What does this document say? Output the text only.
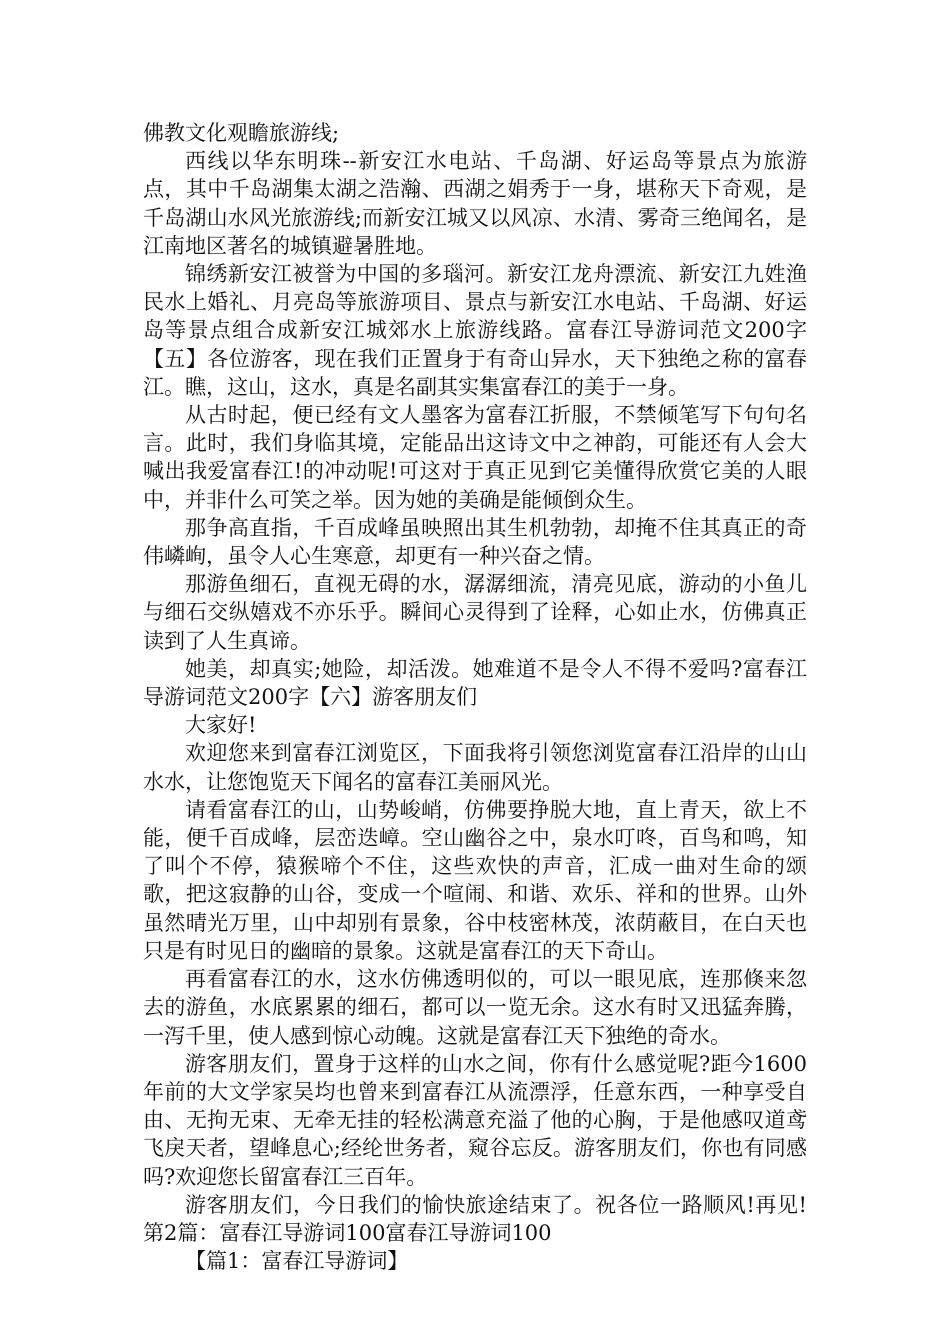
佛教文化观瞻旅游线;

西线以华东明珠--新安江水电站、千岛湖、好运岛等景点为旅游点，其中千岛湖集太湖之浩瀚、西湖之娟秀于一身，堪称天下奇观，是千岛湖山水风光旅游线;而新安江城又以风凉、水清、雾奇三绝闻名，是江南地区著名的城镇避暑胜地。

锦绣新安江被誉为中国的多瑙河。新安江龙舟漂流、新安江九姓渔民水上婚礼、月亮岛等旅游项目、景点与新安江水电站、千岛湖、好运岛等景点组合成新安江城郊水上旅游线路。富春江导游词范文200字【五】各位游客，现在我们正置身于有奇山异水，天下独绝之称的富春江。瞧，这山，这水，真是名副其实集富春江的美于一身。

从古时起，便已经有文人墨客为富春江折服，不禁倾笔写下句句名言。此时，我们身临其境，定能品出这诗文中之神韵，可能还有人会大喊出我爱富春江!的冲动呢!可这对于真正见到它美懂得欣赏它美的人眼中，并非什么可笑之举。因为她的美确是能倾倒众生。

那争高直指，千百成峰虽映照出其生机勃勃，却掩不住其真正的奇伟嶙峋，虽令人心生寒意，却更有一种兴奋之情。

那游鱼细石，直视无碍的水，潺潺细流，清亮见底，游动的小鱼儿与细石交纵嬉戏不亦乐乎。瞬间心灵得到了诠释，心如止水，仿佛真正读到了人生真谛。

她美，却真实;她险，却活泼。她难道不是令人不得不爱吗?富春江导游词范文200字【六】游客朋友们

大家好!

欢迎您来到富春江浏览区，下面我将引领您浏览富春江沿岸的山山水水，让您饱览天下闻名的富春江美丽风光。

请看富春江的山，山势峻峭，仿佛要挣脱大地，直上青天，欲上不能，便千百成峰，层峦迭嶂。空山幽谷之中，泉水叮咚，百鸟和鸣，知了叫个不停，猿猴啼个不住，这些欢快的声音，汇成一曲对生命的颂歌，把这寂静的山谷，变成一个喧闹、和谐、欢乐、祥和的世界。山外虽然晴光万里，山中却别有景象，谷中枝密林茂，浓荫蔽目，在白天也只是有时见日的幽暗的景象。这就是富春江的天下奇山。

再看富春江的水，这水仿佛透明似的，可以一眼见底，连那倏来忽去的游鱼，水底累累的细石，都可以一览无余。这水有时又迅猛奔腾，一泻千里，使人感到惊心动魄。这就是富春江天下独绝的奇水。

游客朋友们，置身于这样的山水之间，你有什么感觉呢?距今1600年前的大文学家吴均也曾来到富春江从流漂浮，任意东西，一种享受自由、无拘无束、无牵无挂的轻松满意充溢了他的心胸，于是他感叹道鸢飞戾天者，望峰息心;经纶世务者，窥谷忘反。游客朋友们，你也有同感吗?欢迎您长留富春江三百年。

游客朋友们，今日我们的愉快旅途结束了。祝各位一路顺风!再见!第2篇：富春江导游词100富春江导游词100

【篇1：富春江导游词】
